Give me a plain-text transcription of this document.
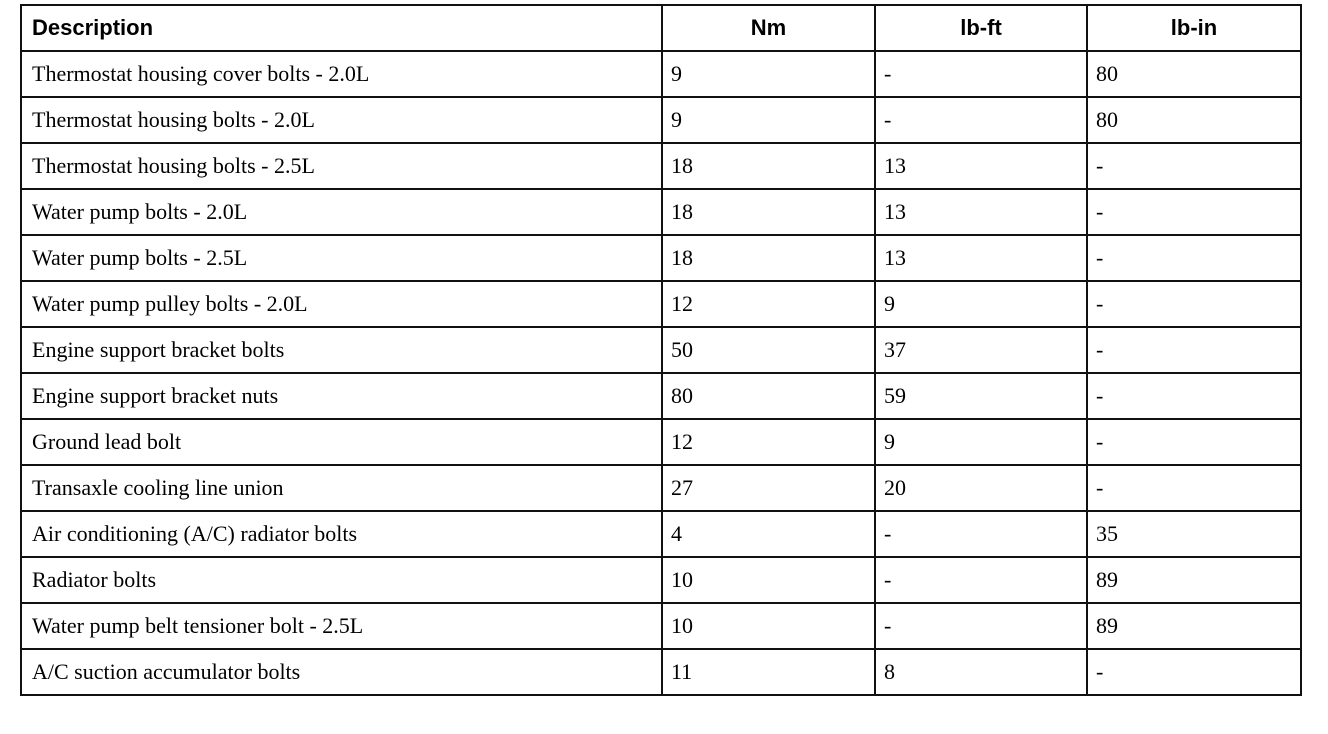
Description	Nm	lb-ft	lb-in
Thermostat housing cover bolts - 2.0L	9	-	80
Thermostat housing bolts - 2.0L	9	-	80
Thermostat housing bolts - 2.5L	18	13	-
Water pump bolts - 2.0L	18	13	-
Water pump bolts - 2.5L	18	13	-
Water pump pulley bolts - 2.0L	12	9	-
Engine support bracket bolts	50	37	-
Engine support bracket nuts	80	59	-
Ground lead bolt	12	9	-
Transaxle cooling line union	27	20	-
Air conditioning (A/C) radiator bolts	4	-	35
Radiator bolts	10	-	89
Water pump belt tensioner bolt - 2.5L	10	-	89
A/C suction accumulator bolts	11	8	-
